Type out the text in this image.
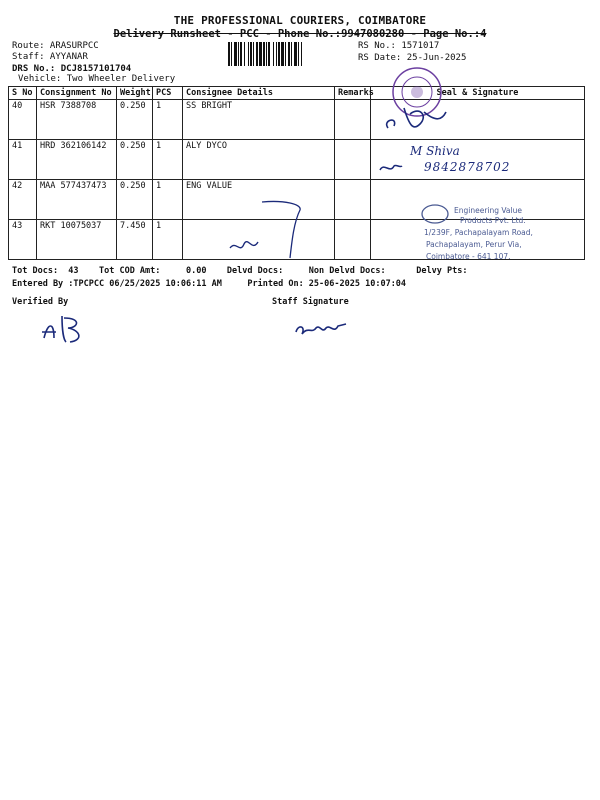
THE PROFESSIONAL COURIERS, COIMBATORE
Delivery Runsheet - PCC - Phone No.:9947080280 - Page No.:4
Route: ARASURPCC
Staff: AYYANAR
DRS No.: DCJ8157101704
Vehicle: Two Wheeler Delivery
RS No.: 1571017
RS Date: 25-Jun-2025
S No	Consignment No	Weight	PCS	Consignee Details	Remarks	Seal & Signature
40	HSR 7388708	0.250	1	SS BRIGHT		
41	HRD 362106142	0.250	1	ALY DYCO		
42	MAA 577437473	0.250	1	ENG VALUE		
43	RKT 10075037	7.450	1			
M Shiva
9842878702
Engineering Value
Products Pvt. Ltd.
1/239F, Pachapalayam Road,
Pachapalayam, Perur Via,
Coimbatore - 641 107.
Tot Docs:  43    Tot COD Amt:     0.00    Delvd Docs:     Non Delvd Docs:      Delvy Pts:
Entered By :TPCPCC 06/25/2025 10:06:11 AM     Printed On: 25-06-2025 10:07:04
Verified By	Staff Signature
